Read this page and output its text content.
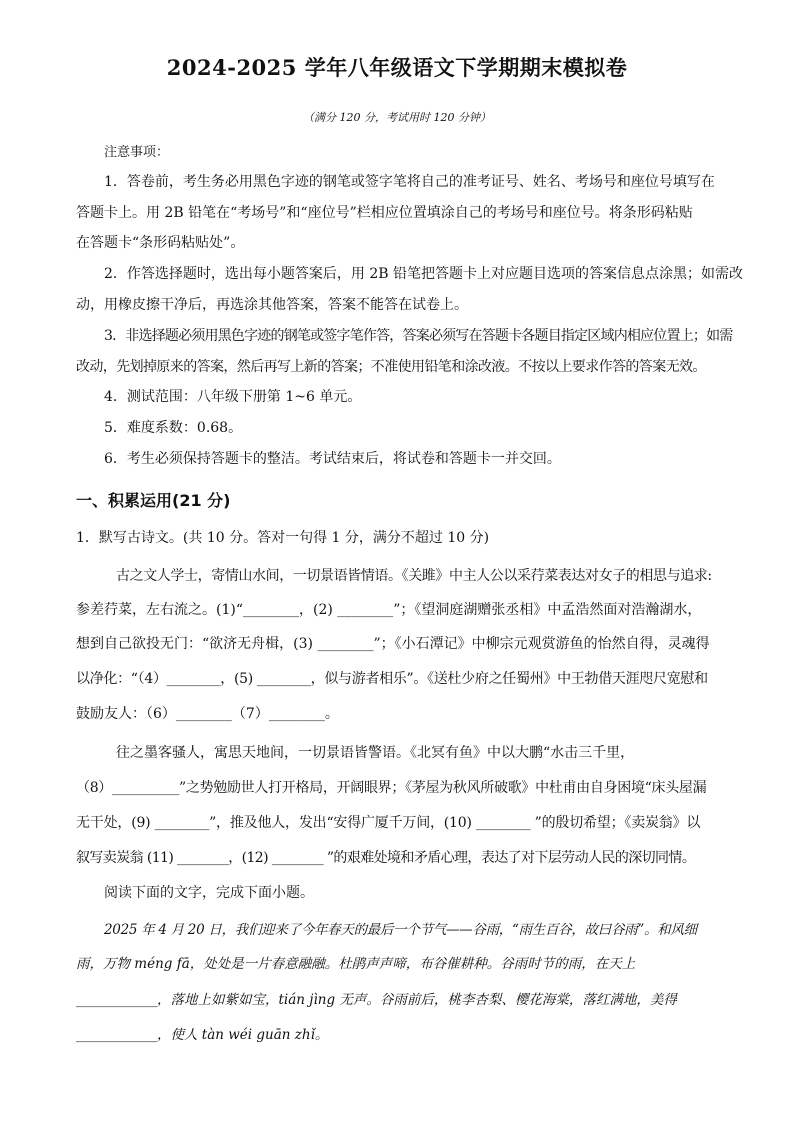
2024-2025 学年八年级语文下学期期末模拟卷
（满分 120 分，考试用时 120 分钟）
注意事项：
1．答卷前，考生务必用黑色字迹的钢笔或签字笔将自己的准考证号、姓名、考场号和座位号填写在
答题卡上。用 2B 铅笔在“考场号”和“座位号”栏相应位置填涂自己的考场号和座位号。将条形码粘贴
在答题卡“条形码粘贴处”。
2．作答选择题时，选出每小题答案后，用 2B 铅笔把答题卡上对应题目选项的答案信息点涂黑；如需改
动，用橡皮擦干净后，再选涂其他答案，答案不能答在试卷上。
3．非选择题必须用黑色字迹的钢笔或签字笔作答，答案必须写在答题卡各题目指定区域内相应位置上；如需
改动，先划掉原来的答案，然后再写上新的答案；不准使用铅笔和涂改液。不按以上要求作答的答案无效。
4．测试范围：八年级下册第 1~6 单元。
5．难度系数：0.68。
6．考生必须保持答题卡的整洁。考试结束后，将试卷和答题卡一并交回。
一、积累运用(21 分)
1．默写古诗文。(共 10 分。答对一句得 1 分，满分不超过 10 分)
古之文人学士，寄情山水间，一切景语皆情语。《关雎》中主人公以采荇菜表达对女子的相思与追求:
参差荇菜，左右流之。(1)“________，(2) ________”；《望洞庭湖赠张丞相》中孟浩然面对浩瀚湖水，
想到自己欲投无门：“欲济无舟楫，(3) ________”；《小石潭记》中柳宗元观赏游鱼的怡然自得，灵魂得
以净化：“（4）________，(5) ________，似与游者相乐”。《送杜少府之任蜀州》中王勃借天涯咫尺宽慰和
鼓励友人：（6）________（7）________。
往之墨客骚人，寓思天地间，一切景语皆警语。《北冥有鱼》中以大鹏“水击三千里，
（8）__________”之势勉励世人打开格局，开阔眼界；《茅屋为秋风所破歌》中杜甫由自身困境“床头屋漏
无干处，(9) ________”，推及他人，发出“安得广厦千万间，(10) ________ ”的殷切希望；《卖炭翁》以
叙写卖炭翁 (11) ________，(12) ________ ”的艰难处境和矛盾心理，表达了对下层劳动人民的深切同情。
阅读下面的文字，完成下面小题。
2025 年 4 月 20 日，我们迎来了今年春天的最后一个节气——谷雨，“雨生百谷，故曰谷雨”。和风细
雨，万物 méng fā，处处是一片春意融融。杜鹃声声啼，布谷催耕种。谷雨时节的雨，在天上
____________，落地上如紫如宝，tián jìng 无声。谷雨前后，桃李杏梨、樱花海棠，落红满地，美得
____________，使人 tàn wéi guān zhǐ。
